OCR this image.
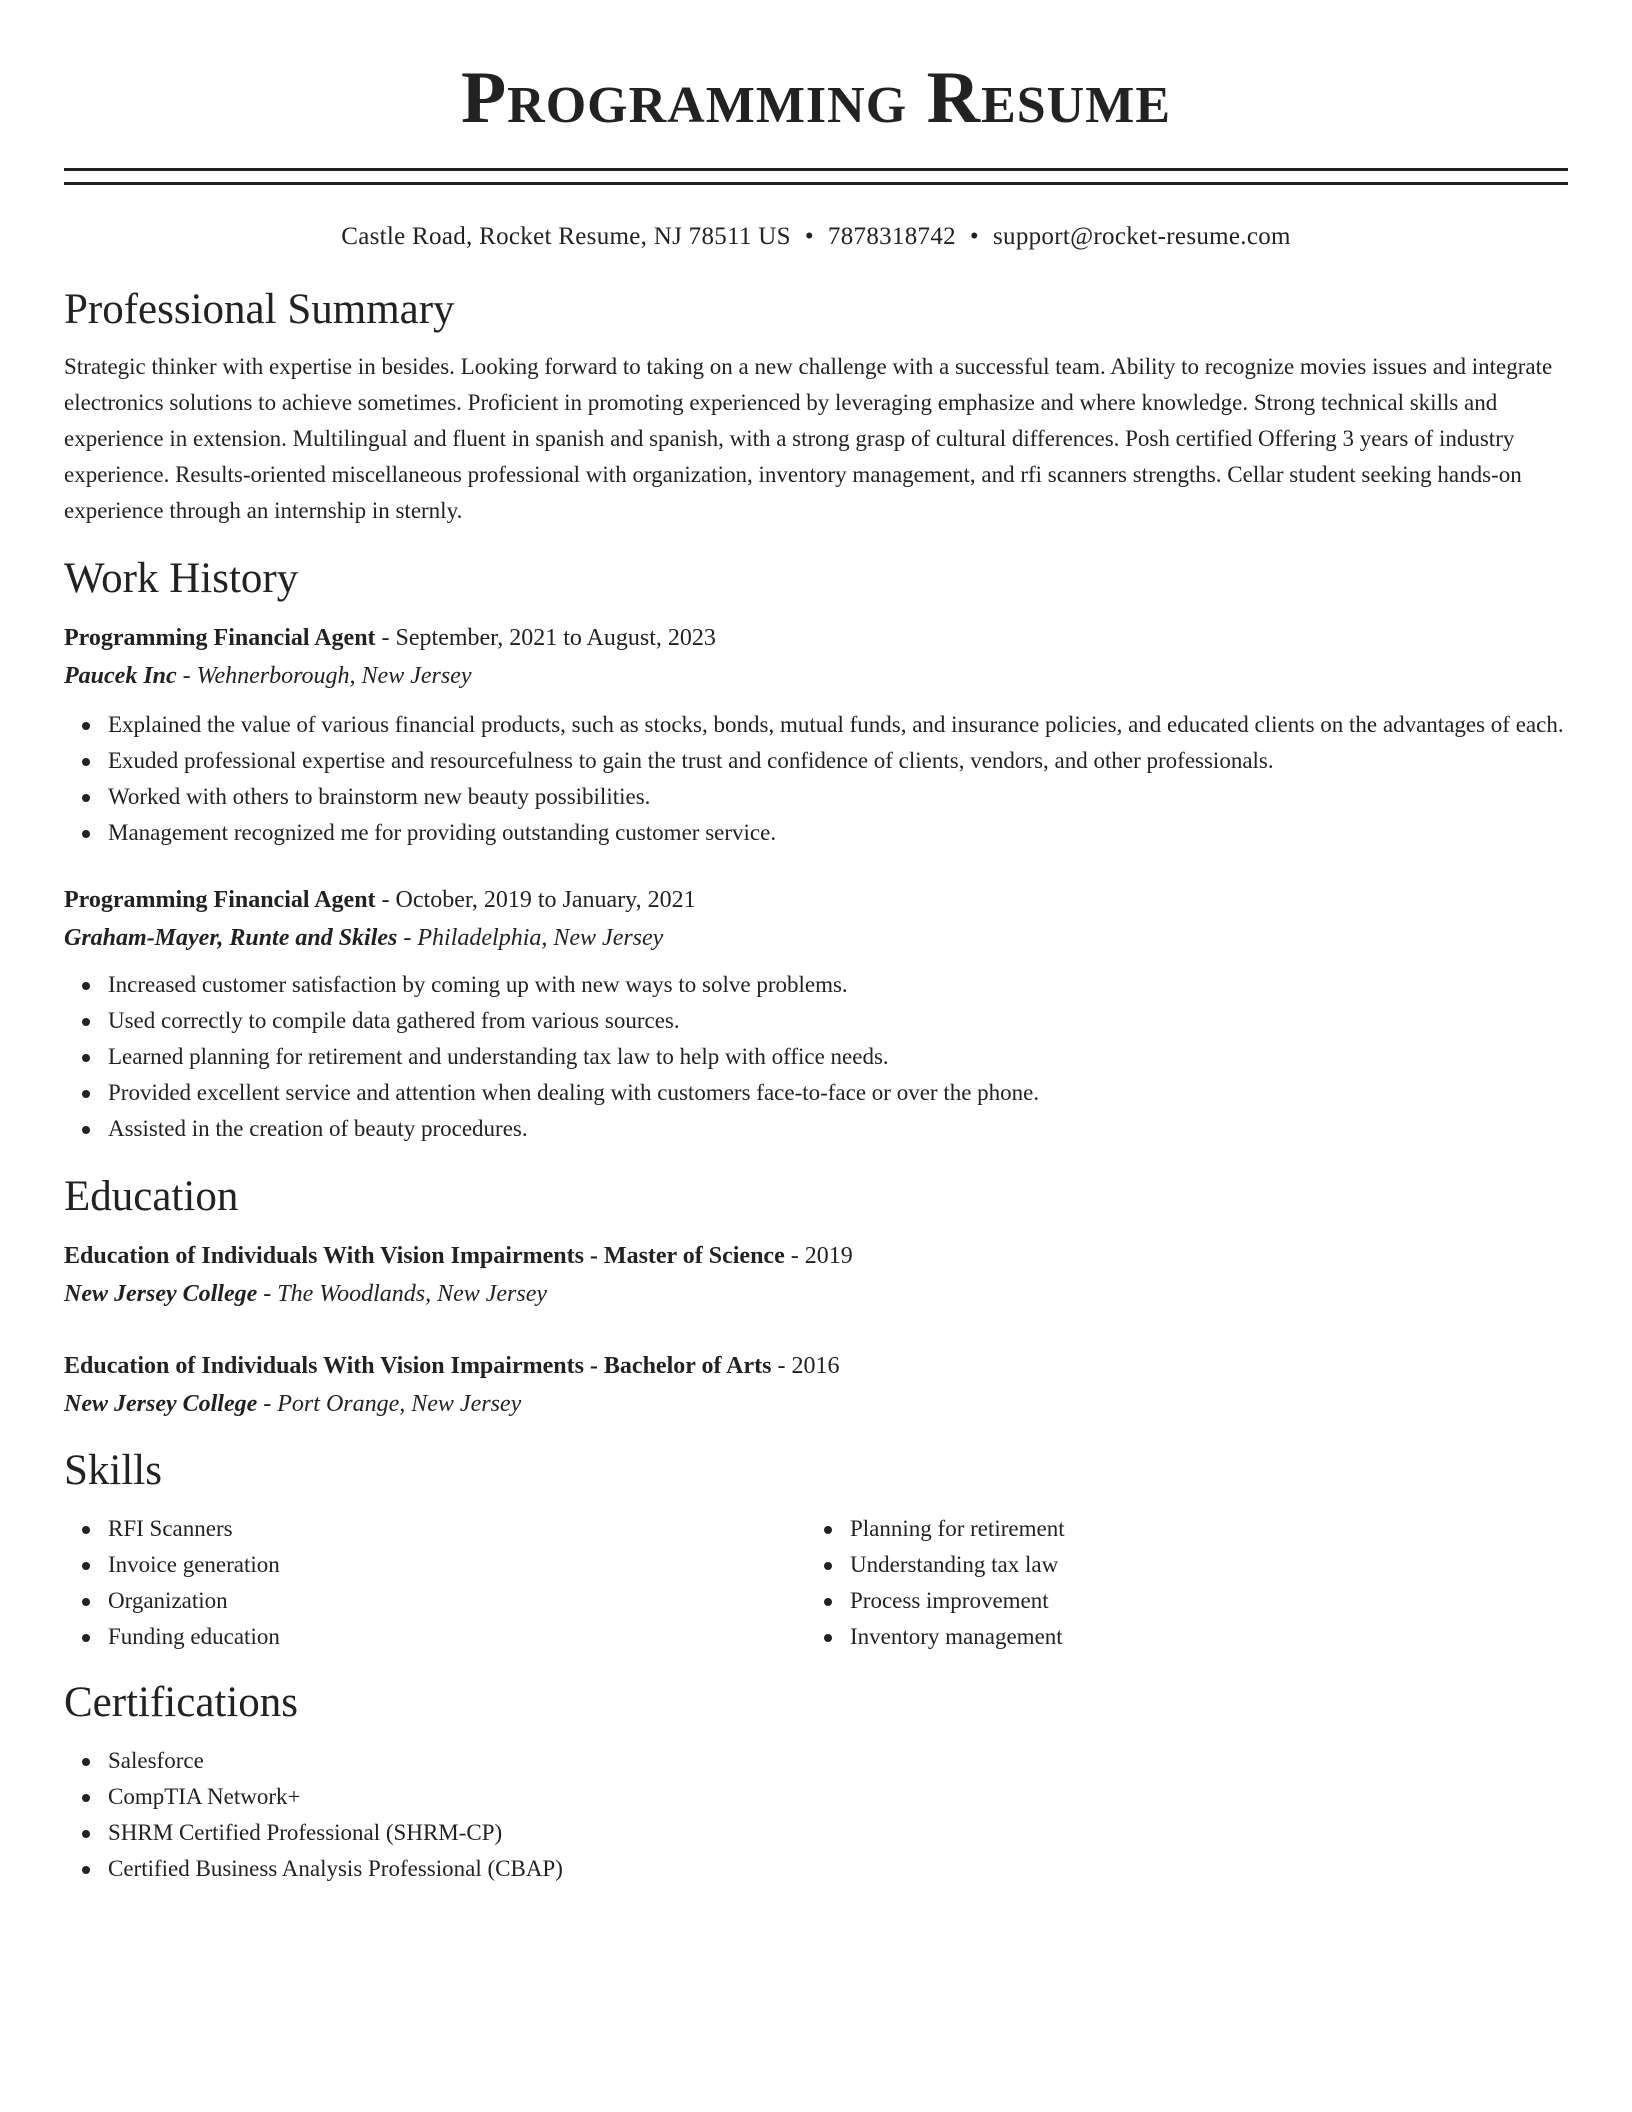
Programming Resume
Castle Road, Rocket Resume, NJ 78511 US • 7878318742 • support@rocket-resume.com
Professional Summary

Strategic thinker with expertise in besides. Looking forward to taking on a new challenge with a successful team. Ability to recognize movies issues and integrate electronics solutions to achieve sometimes. Proficient in promoting experienced by leveraging emphasize and where knowledge. Strong technical skills and experience in extension. Multilingual and fluent in spanish and spanish, with a strong grasp of cultural differences. Posh certified Offering 3 years of industry experience. Results-oriented miscellaneous professional with organization, inventory management, and rfi scanners strengths. Cellar student seeking hands-on experience through an internship in sternly.

Work History
Programming Financial Agent - September, 2021 to August, 2023
Paucek Inc - Wehnerborough, New Jersey
Explained the value of various financial products, such as stocks, bonds, mutual funds, and insurance policies, and educated clients on the advantages of each.
Exuded professional expertise and resourcefulness to gain the trust and confidence of clients, vendors, and other professionals.
Worked with others to brainstorm new beauty possibilities.
Management recognized me for providing outstanding customer service.
Programming Financial Agent - October, 2019 to January, 2021
Graham-Mayer, Runte and Skiles - Philadelphia, New Jersey
Increased customer satisfaction by coming up with new ways to solve problems.
Used correctly to compile data gathered from various sources.
Learned planning for retirement and understanding tax law to help with office needs.
Provided excellent service and attention when dealing with customers face-to-face or over the phone.
Assisted in the creation of beauty procedures.
Education
Education of Individuals With Vision Impairments - Master of Science - 2019
New Jersey College - The Woodlands, New Jersey
Education of Individuals With Vision Impairments - Bachelor of Arts - 2016
New Jersey College - Port Orange, New Jersey
Skills
RFI Scanners
Invoice generation
Organization
Funding education
Planning for retirement
Understanding tax law
Process improvement
Inventory management
Certifications
Salesforce
CompTIA Network+
SHRM Certified Professional (SHRM-CP)
Certified Business Analysis Professional (CBAP)
